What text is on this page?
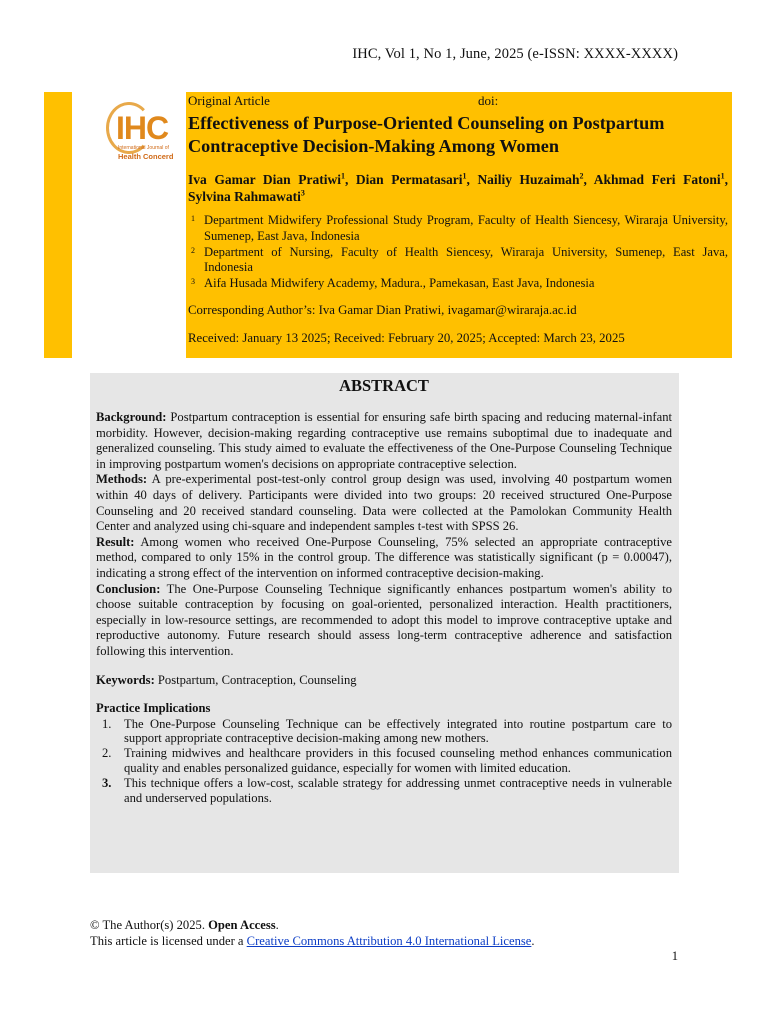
IHC, Vol 1, No 1, June, 2025 (e-ISSN: XXXX-XXXX)
IHC
International Journal of
Health Concerd
Original Article	doi:
Effectiveness of Purpose-Oriented Counseling on Postpartum Contraceptive Decision-Making Among Women
Iva Gamar Dian Pratiwi$^1$, Dian Permatasari$^1$, Nailiy Huzaimah$^2$, Akhmad Feri Fatoni$^1$, Sylvina Rahmawati$^3$
1 Department Midwifery Professional Study Program, Faculty of Health Siencesy, Wiraraja University, Sumenep, East Java, Indonesia
2 Department of Nursing, Faculty of Health Siencesy, Wiraraja University, Sumenep, East Java, Indonesia
3 Aifa Husada Midwifery Academy, Madura., Pamekasan, East Java, Indonesia
Corresponding Author’s: Iva Gamar Dian Pratiwi, ivagamar@wiraraja.ac.id
Received: January 13 2025; Received: February 20, 2025; Accepted: March 23, 2025
ABSTRACT

Background: Postpartum contraception is essential for ensuring safe birth spacing and reducing maternal-infant morbidity. However, decision-making regarding contraceptive use remains suboptimal due to inadequate and generalized counseling. This study aimed to evaluate the effectiveness of the One-Purpose Counseling Technique in improving postpartum women's decisions on appropriate contraceptive selection.

Methods: A pre-experimental post-test-only control group design was used, involving 40 postpartum women within 40 days of delivery. Participants were divided into two groups: 20 received structured One-Purpose Counseling and 20 received standard counseling. Data were collected at the Pamolokan Community Health Center and analyzed using chi-square and independent samples t-test with SPSS 26.

Result: Among women who received One-Purpose Counseling, 75% selected an appropriate contraceptive method, compared to only 15% in the control group. The difference was statistically significant (p = 0.00047), indicating a strong effect of the intervention on informed contraceptive decision-making.

Conclusion: The One-Purpose Counseling Technique significantly enhances postpartum women's ability to choose suitable contraception by focusing on goal-oriented, personalized interaction. Health practitioners, especially in low-resource settings, are recommended to adopt this model to improve contraceptive uptake and reproductive autonomy. Future research should assess long-term contraceptive adherence and satisfaction following this intervention.

Keywords: Postpartum, Contraception, Counseling
Practice Implications
1. The One-Purpose Counseling Technique can be effectively integrated into routine postpartum care to support appropriate contraceptive decision-making among new mothers.
2. Training midwives and healthcare providers in this focused counseling method enhances communication quality and enables personalized guidance, especially for women with limited education.
3. This technique offers a low-cost, scalable strategy for addressing unmet contraceptive needs in vulnerable and underserved populations.
© The Author(s) 2025. Open Access.
This article is licensed under a Creative Commons Attribution 4.0 International License.
1
